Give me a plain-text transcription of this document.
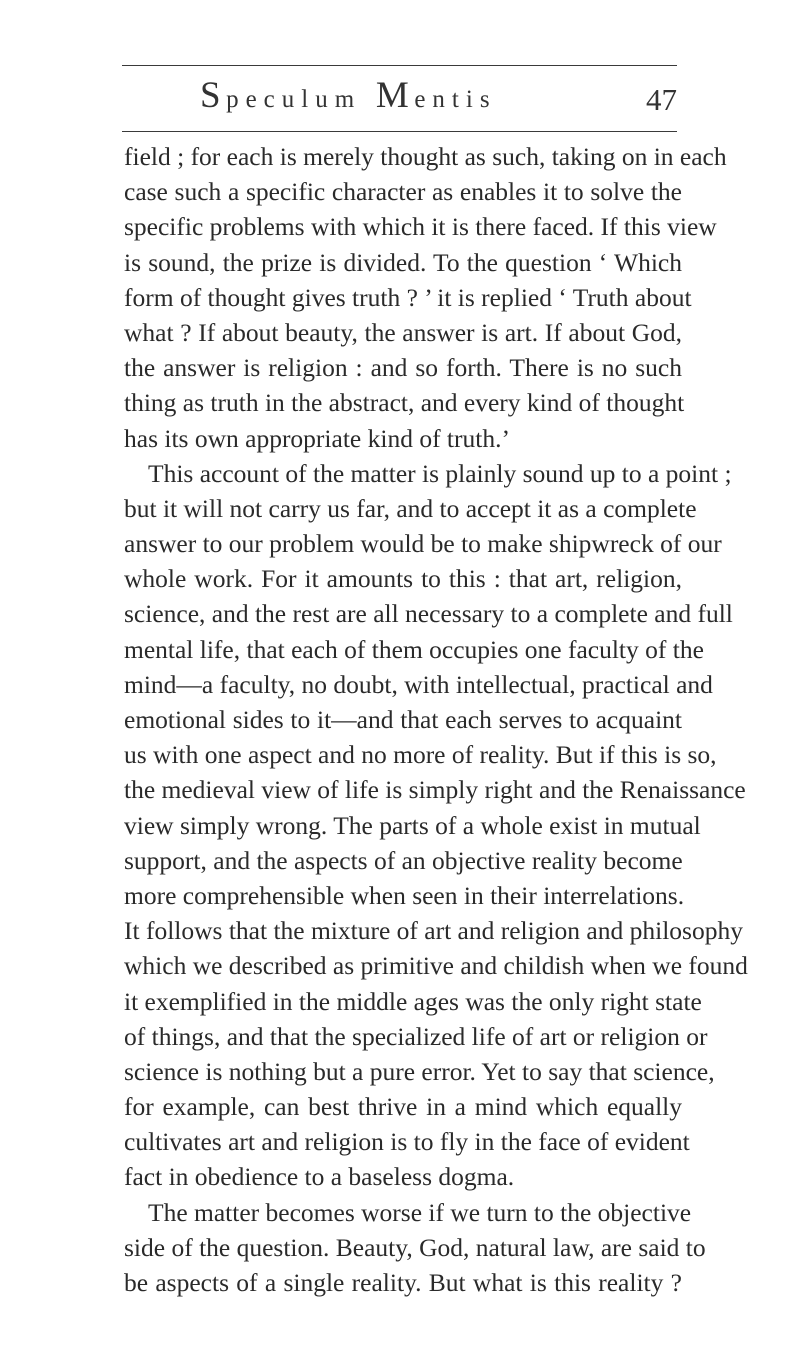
Speculum Mentis	47
field ; for each is merely thought as such, taking on in each
case such a specific character as enables it to solve the
specific problems with which it is there faced. If this view
is sound, the prize is divided. To the question ‘ Which
form of thought gives truth ? ’ it is replied ‘ Truth about
what ? If about beauty, the answer is art. If about God,
the answer is religion : and so forth. There is no such
thing as truth in the abstract, and every kind of thought
has its own appropriate kind of truth.’
This account of the matter is plainly sound up to a point ;
but it will not carry us far, and to accept it as a complete
answer to our problem would be to make shipwreck of our
whole work. For it amounts to this : that art, religion,
science, and the rest are all necessary to a complete and full
mental life, that each of them occupies one faculty of the
mind—a faculty, no doubt, with intellectual, practical and
emotional sides to it—and that each serves to acquaint
us with one aspect and no more of reality. But if this is so,
the medieval view of life is simply right and the Renaissance
view simply wrong. The parts of a whole exist in mutual
support, and the aspects of an objective reality become
more comprehensible when seen in their interrelations.
It follows that the mixture of art and religion and philosophy
which we described as primitive and childish when we found
it exemplified in the middle ages was the only right state
of things, and that the specialized life of art or religion or
science is nothing but a pure error. Yet to say that science,
for example, can best thrive in a mind which equally
cultivates art and religion is to fly in the face of evident
fact in obedience to a baseless dogma.
The matter becomes worse if we turn to the objective
side of the question. Beauty, God, natural law, are said to
be aspects of a single reality. But what is this reality ?
